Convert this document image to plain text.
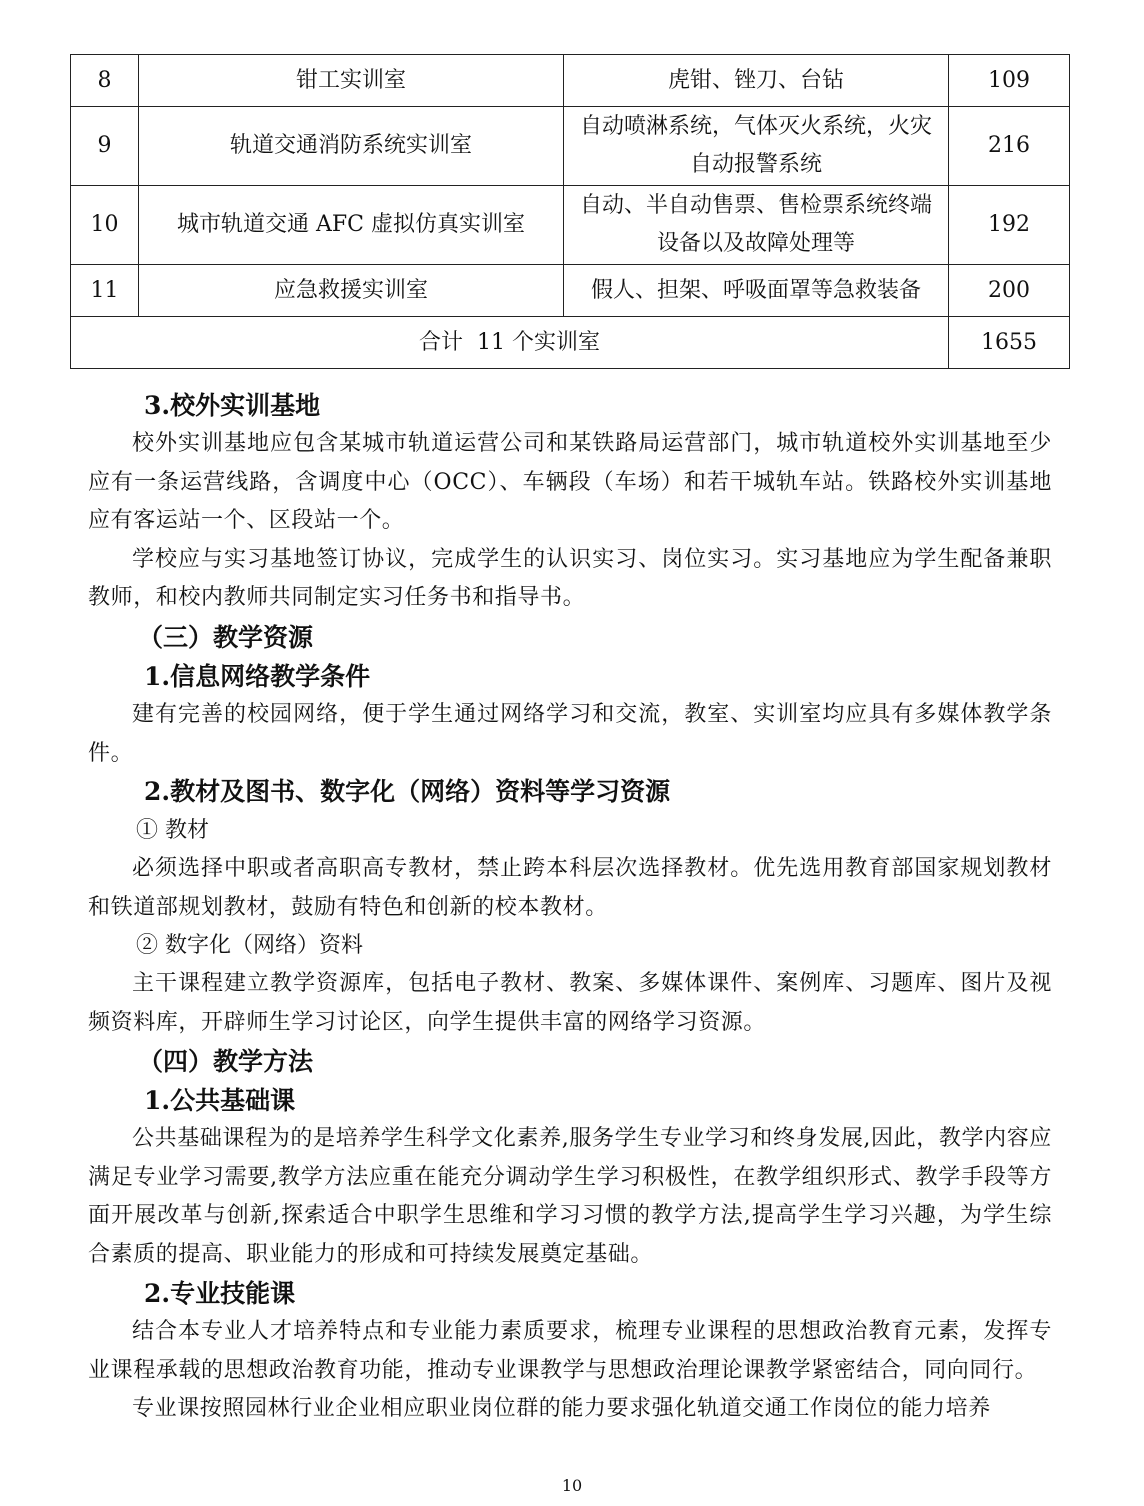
8	钳工实训室	虎钳、锉刀、台钻	109
9	轨道交通消防系统实训室	自动喷淋系统，气体灭火系统，火灾自动报警系统	216
10	城市轨道交通 AFC 虚拟仿真实训室	自动、半自动售票、售检票系统终端设备以及故障处理等	192
11	应急救援实训室	假人、担架、呼吸面罩等急救装备	200
合计  11 个实训室			1655
3.校外实训基地

校外实训基地应包含某城市轨道运营公司和某铁路局运营部门，城市轨道校外实训基地至少应有一条运营线路，含调度中心（OCC）、车辆段（车场）和若干城轨车站。铁路校外实训基地应有客运站一个、区段站一个。

学校应与实习基地签订协议，完成学生的认识实习、岗位实习。实习基地应为学生配备兼职教师，和校内教师共同制定实习任务书和指导书。

（三）教学资源
1.信息网络教学条件

建有完善的校园网络，便于学生通过网络学习和交流，教室、实训室均应具有多媒体教学条件。

2.教材及图书、数字化（网络）资料等学习资源
① 教材

必须选择中职或者高职高专教材，禁止跨本科层次选择教材。优先选用教育部国家规划教材和铁道部规划教材，鼓励有特色和创新的校本教材。

② 数字化（网络）资料

主干课程建立教学资源库，包括电子教材、教案、多媒体课件、案例库、习题库、图片及视频资料库，开辟师生学习讨论区，向学生提供丰富的网络学习资源。

（四）教学方法
1.公共基础课

公共基础课程为的是培养学生科学文化素养,服务学生专业学习和终身发展,因此，教学内容应满足专业学习需要,教学方法应重在能充分调动学生学习积极性，在教学组织形式、教学手段等方面开展改革与创新,探索适合中职学生思维和学习习惯的教学方法,提高学生学习兴趣，为学生综合素质的提高、职业能力的形成和可持续发展奠定基础。

2.专业技能课

结合本专业人才培养特点和专业能力素质要求，梳理专业课程的思想政治教育元素，发挥专业课程承载的思想政治教育功能，推动专业课教学与思想政治理论课教学紧密结合，同向同行。

专业课按照园林行业企业相应职业岗位群的能力要求强化轨道交通工作岗位的能力培养

10
